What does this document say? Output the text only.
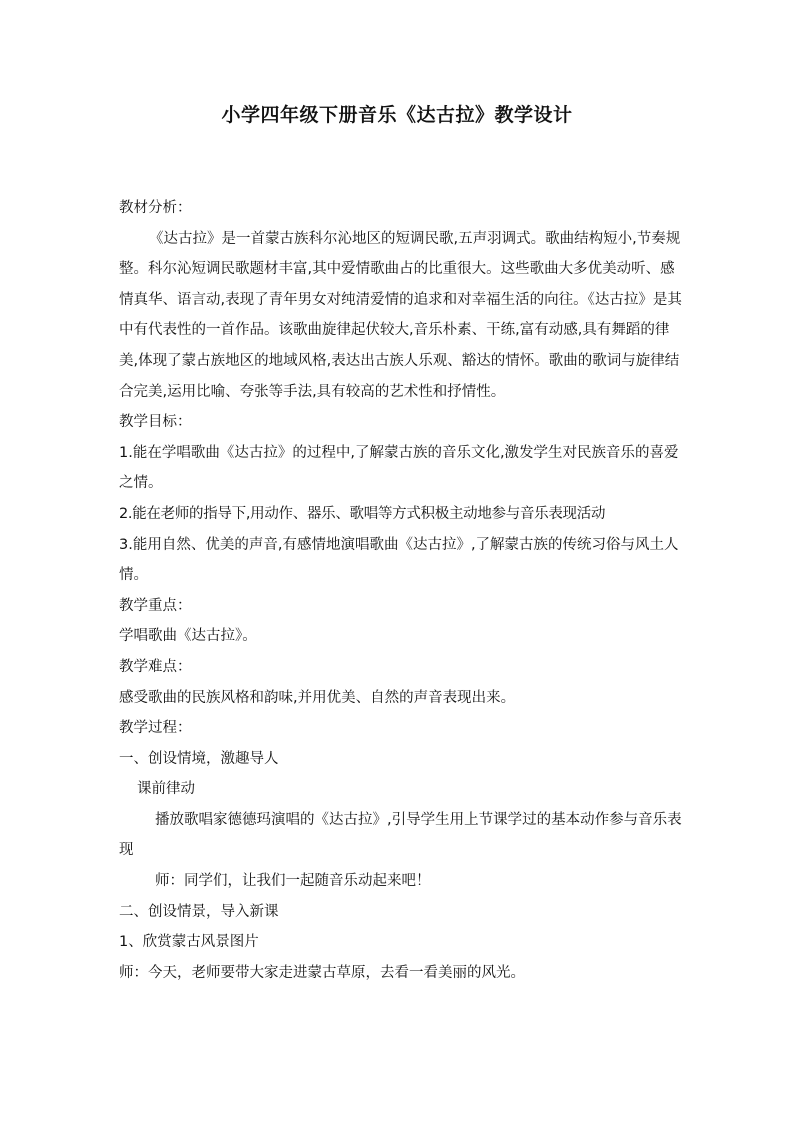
小学四年级下册音乐《达古拉》教学设计

教材分析：

《达古拉》是一首蒙古族科尔沁地区的短调民歌,五声羽调式。歌曲结构短小,节奏规整。科尔沁短调民歌题材丰富,其中爱情歌曲占的比重很大。这些歌曲大多优美动听、感情真华、语言动,表现了青年男女对纯清爱情的追求和对幸福生活的向往。《达古拉》是其中有代表性的一首作品。该歌曲旋律起伏较大,音乐朴素、干练,富有动感,具有舞蹈的律美,体现了蒙占族地区的地域风格,表达出古族人乐观、豁达的情怀。歌曲的歌词与旋律结合完美,运用比喻、夸张等手法,具有较高的艺术性和抒情性。

教学目标：

1.能在学唱歌曲《达古拉》的过程中,了解蒙古族的音乐文化,激发学生对民族音乐的喜爱之情。

2.能在老师的指导下,用动作、器乐、歌唱等方式积极主动地参与音乐表现活动

3.能用自然、优美的声音,有感情地演唱歌曲《达古拉》,了解蒙古族的传统习俗与风土人情。

教学重点：

学唱歌曲《达古拉》。

教学难点：

感受歌曲的民族风格和韵味,并用优美、自然的声音表现出来。

教学过程：

一、创设情境，激趣导人

课前律动

播放歌唱家德德玛演唱的《达古拉》,引导学生用上节课学过的基本动作参与音乐表现

师：同学们，让我们一起随音乐动起来吧！

二、创设情景，导入新课

1、欣赏蒙古风景图片

师：今天，老师要带大家走进蒙古草原，去看一看美丽的风光。
